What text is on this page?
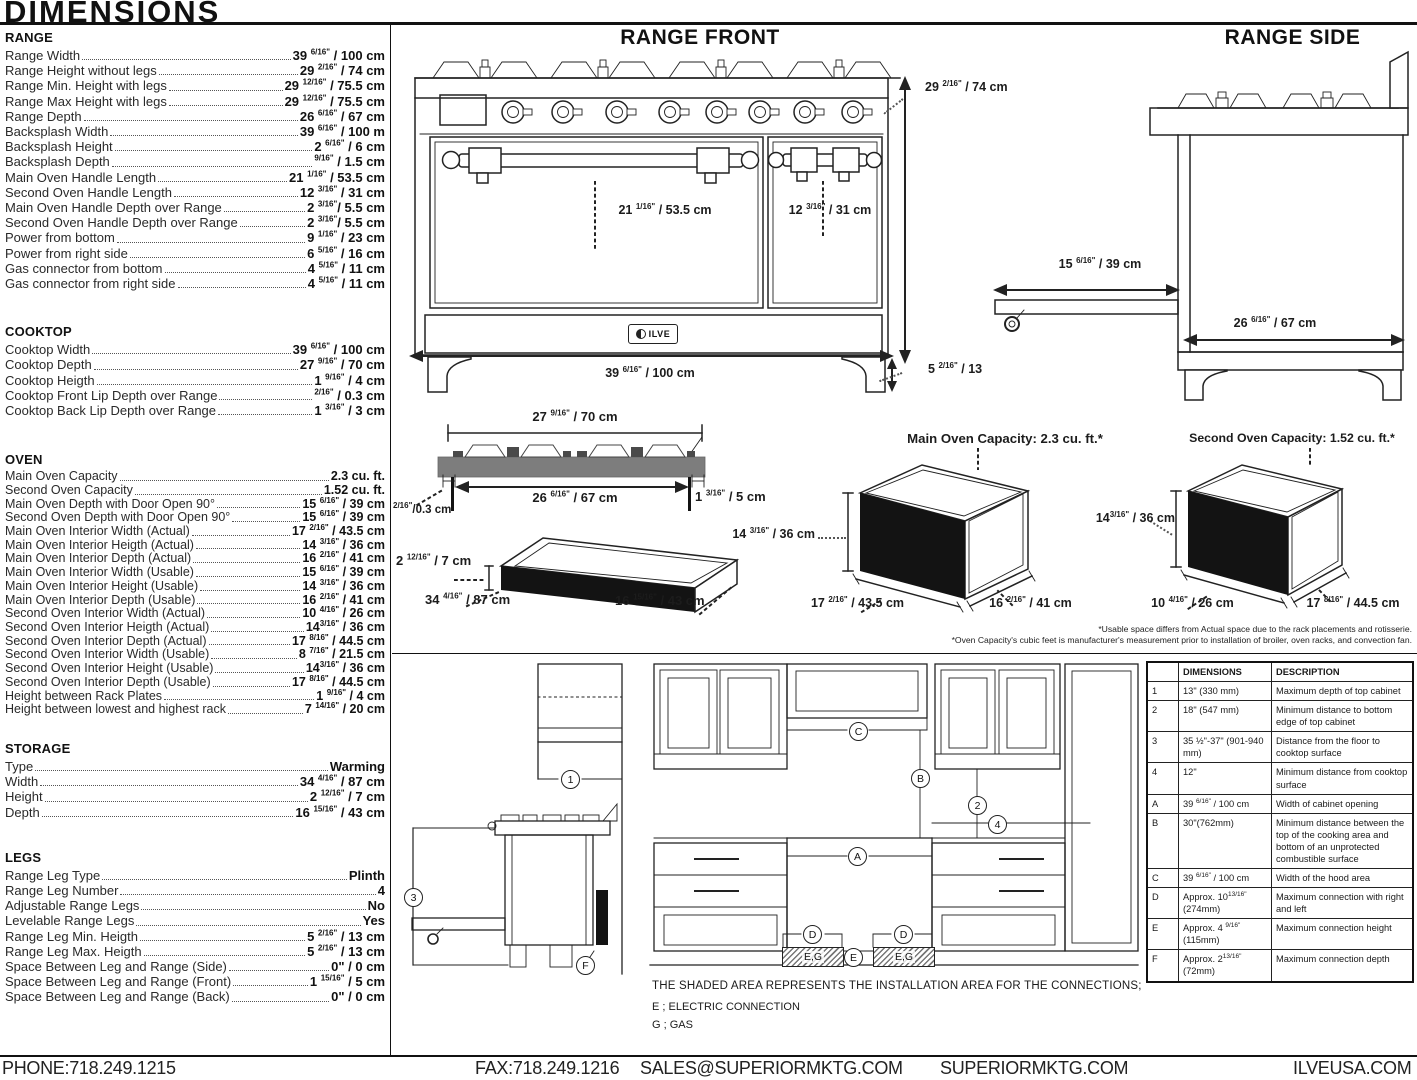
DIMENSIONS
RANGE
Range Width	39 $^{6/16"}$ / 100 cm
Range Height without legs	29 $^{2/16"}$ / 74 cm
Range Min. Height with legs	29 $^{12/16"}$ / 75.5 cm
Range Max Height with legs	29 $^{12/16"}$ / 75.5 cm
Range Depth	26 $^{6/16"}$ / 67 cm
Backsplash Width	39 $^{6/16"}$ / 100 m
Backsplash Height	2 $^{6/16"}$ / 6 cm
Backsplash Depth	$^{9/16"}$ / 1.5 cm
Main Oven Handle Length	21 $^{1/16"}$ / 53.5 cm
Second Oven Handle Length	12 $^{3/16"}$ / 31 cm
Main Oven Handle Depth over Range	2 $^{3/16"}$/ 5.5 cm
Second Oven Handle Depth over Range	2 $^{3/16"}$/ 5.5 cm
Power from bottom	9 $^{1/16"}$ / 23 cm
Power from right side	6 $^{5/16"}$ / 16 cm
Gas connector from bottom	4 $^{5/16"}$ / 11 cm
Gas connector from right side	4 $^{5/16"}$ / 11 cm
COOKTOP
Cooktop Width	39 $^{6/16"}$ / 100 cm
Cooktop Depth	27 $^{9/16"}$ / 70 cm
Cooktop Heigth	1 $^{9/16"}$ / 4 cm
Cooktop Front Lip Depth over Range	$^{2/16"}$ / 0.3 cm
Cooktop Back Lip Depth over Range	1 $^{3/16"}$ / 3 cm
OVEN
Main Oven Capacity	2.3 cu. ft.
Second Oven Capacity	1.52 cu. ft.
Main Oven Depth with Door Open 90°	15 $^{6/16"}$ / 39 cm
Second Oven Depth with Door Open 90°	15 $^{6/16"}$ / 39 cm
Main Oven Interior Width (Actual)	17 $^{2/16"}$ / 43.5 cm
Main Oven Interior Heigth (Actual)	14 $^{3/16"}$ / 36 cm
Main Oven Interior Depth (Actual)	16 $^{2/16"}$ / 41 cm
Main Oven Interior Width (Usable)	15 $^{6/16"}$ / 39 cm
Main Oven Interior Height (Usable)	14 $^{3/16"}$ / 36 cm
Main Oven Interior Depth (Usable)	16 $^{2/16"}$ / 41 cm
Second Oven Interior Width (Actual)	10 $^{4/16"}$ / 26 cm
Second Oven Interior Heigth (Actual)	$14^{3/16"} / 36$ cm
Second Oven Interior Depth (Actual)	17 $^{8/16"}$ / 44.5 cm
Second Oven Interior Width (Usable)	8 $^{7/16"}$ / 21.5 cm
Second Oven Interior Height (Usable)	$14^{3/16"} / 36$ cm
Second Oven Interior Depth (Usable)	17 $^{8/16"}$ / 44.5 cm
Height between Rack Plates	1 $^{9/16"}$ / 4 cm
Height between lowest and highest rack	7 $^{14/16"}$ / 20 cm
STORAGE
Type	Warming
Width	34 $^{4/16"}$ / 87 cm
Height	2 $^{12/16"}$ / 7 cm
Depth	16 $^{15/16"}$ / 43 cm
LEGS
Range Leg Type	Plinth
Range Leg Number	4
Adjustable Range Legs	No
Levelable Range Legs	Yes
Range Leg Min. Heigth	5 $^{2/16"}$ / 13 cm
Range Leg Max. Heigth	5 $^{2/16"}$ / 13 cm
Space Between Leg and Range (Side)	0" / 0 cm
Space Between Leg and Range (Front)	1 $^{15/16"}$ / 5 cm
Space Between Leg and Range (Back)	0" / 0 cm
RANGE FRONT
21 $^{1/16"}$ / 53.5 cm	12 $^{3/16"}$ / 31 cm
29 $^{2/16"}$ / 74 cm
39 $^{6/16"}$ / 100 cm	5 $^{2/16"}$ / 13
ILVE
RANGE SIDE
15 $^{6/16"}$ / 39 cm
26 $^{6/16"}$ / 67 cm
27 $^{9/16"}$ / 70 cm
26 $^{6/16"}$ / 67 cm	1 $^{3/16"}$ / 5 cm
$^{2/16"}$/0.3 cm
2 $^{12/16"}$ / 7 cm
34 $^{4/16"}$ / 87 cm	16 $^{15/16"}$ / 43 cm
Main Oven Capacity: 2.3 cu. ft.*
14 $^{3/16"}$ / 36 cm
17 $^{2/16"}$ / 43.5 cm	16 $^{2/16"}$ / 41 cm
Second Oven Capacity: 1.52 cu. ft.*
$14^{3/16"} / 36$ cm
10 $^{4/16"}$ / 26 cm	17 $^{8/16"}$ / 44.5 cm
*Usable space differs from Actual space due to the rack placements and rotisserie.
*Oven Capacity's cubic feet is manufacturer's measurement prior to installation of broiler, oven racks, and convection fan.
E,G	E,G
1
3
F
C
B
2
4
A
D	D
E
THE SHADED AREA REPRESENTS THE INSTALLATION AREA FOR THE CONNECTIONS;
E ; ELECTRIC CONNECTION
G ; GAS
	DIMENSIONS	DESCRIPTION
1	13" (330 mm)	Maximum depth of top cabinet
2	18" (547 mm)	Minimum distance to bottom edge of top cabinet
3	35 ½"-37" (901-940 mm)	Distance from the floor to cooktop surface
4	12"	Minimum distance from cooktop surface
A	39 $^{6/16"}$ / 100 cm	Width of cabinet opening
B	30"(762mm)	Minimum distance between the top of the cooking area and bottom of an unprotected combustible surface
C	39 $^{6/16"}$ / 100 cm	Width of the hood area
D	Approx. $10^{13/16"}$ (274mm)	Maximum connection with right and left
E	Approx. 4 $^{9/16"}$ (115mm)	Maximum connection height
F	Approx. $2^{13/16"}$ (72mm)	Maximum connection depth
PHONE:718.249.1215	FAX:718.249.1216 SALES@SUPERIORMKTG.COM SUPERIORMKTG.COM	ILVEUSA.COM
